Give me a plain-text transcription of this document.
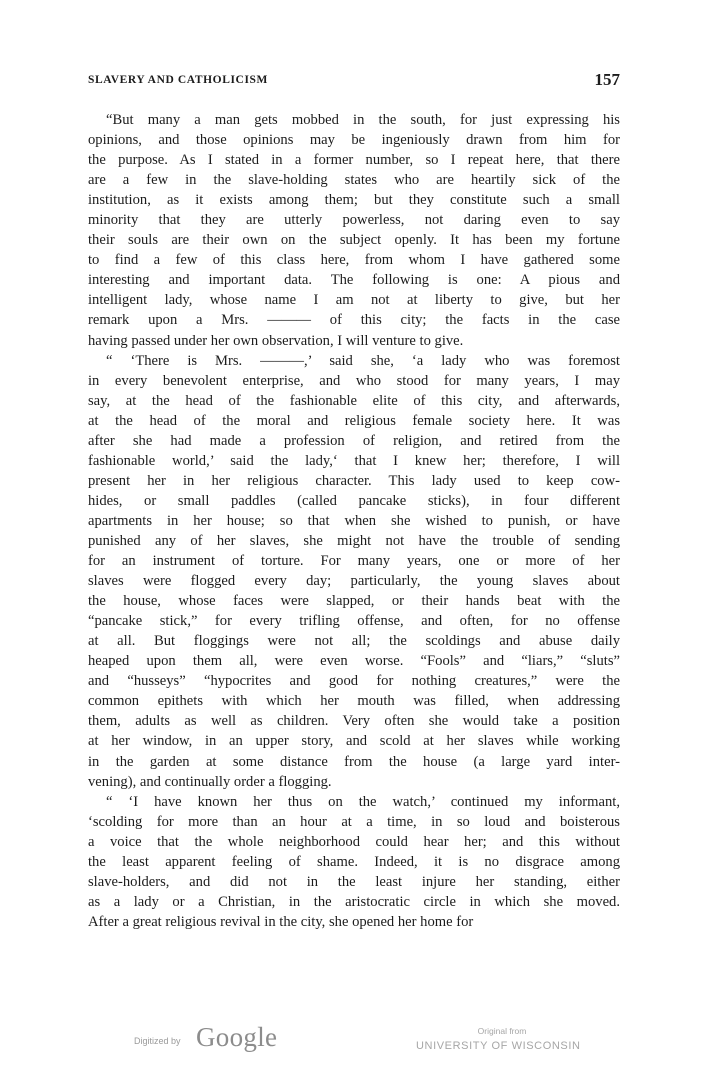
SLAVERY AND CATHOLICISM	157
“But many a man gets mobbed in the south, for just expressing his
opinions, and those opinions may be ingeniously drawn from him for
the purpose. As I stated in a former number, so I repeat here, that there
are a few in the slave-holding states who are heartily sick of the
institution, as it exists among them; but they constitute such a small
minority that they are utterly powerless, not daring even to say
their souls are their own on the subject openly. It has been my fortune
to find a few of this class here, from whom I have gathered some
interesting and important data. The following is one: A pious and
intelligent lady, whose name I am not at liberty to give, but her
remark upon a Mrs. ——— of this city; the facts in the case
having passed under her own observation, I will venture to give.
“ ‘There is Mrs. ———,’ said she, ‘a lady who was foremost
in every benevolent enterprise, and who stood for many years, I may
say, at the head of the fashionable elite of this city, and afterwards,
at the head of the moral and religious female society here. It was
after she had made a profession of religion, and retired from the
fashionable world,’ said the lady,‘ that I knew her; therefore, I will
present her in her religious character. This lady used to keep cow-
hides, or small paddles (called pancake sticks), in four different
apartments in her house; so that when she wished to punish, or have
punished any of her slaves, she might not have the trouble of sending
for an instrument of torture. For many years, one or more of her
slaves were flogged every day; particularly, the young slaves about
the house, whose faces were slapped, or their hands beat with the
“pancake stick,” for every trifling offense, and often, for no offense
at all. But floggings were not all; the scoldings and abuse daily
heaped upon them all, were even worse. “Fools” and “liars,” “sluts”
and “husseys” “hypocrites and good for nothing creatures,” were the
common epithets with which her mouth was filled, when addressing
them, adults as well as children. Very often she would take a position
at her window, in an upper story, and scold at her slaves while working
in the garden at some distance from the house (a large yard inter-
vening), and continually order a flogging.
“ ‘I have known her thus on the watch,’ continued my informant,
‘scolding for more than an hour at a time, in so loud and boisterous
a voice that the whole neighborhood could hear her; and this without
the least apparent feeling of shame. Indeed, it is no disgrace among
slave-holders, and did not in the least injure her standing, either
as a lady or a Christian, in the aristocratic circle in which she moved.
After a great religious revival in the city, she opened her home for
Digitized by Google	Original from
UNIVERSITY OF WISCONSIN
